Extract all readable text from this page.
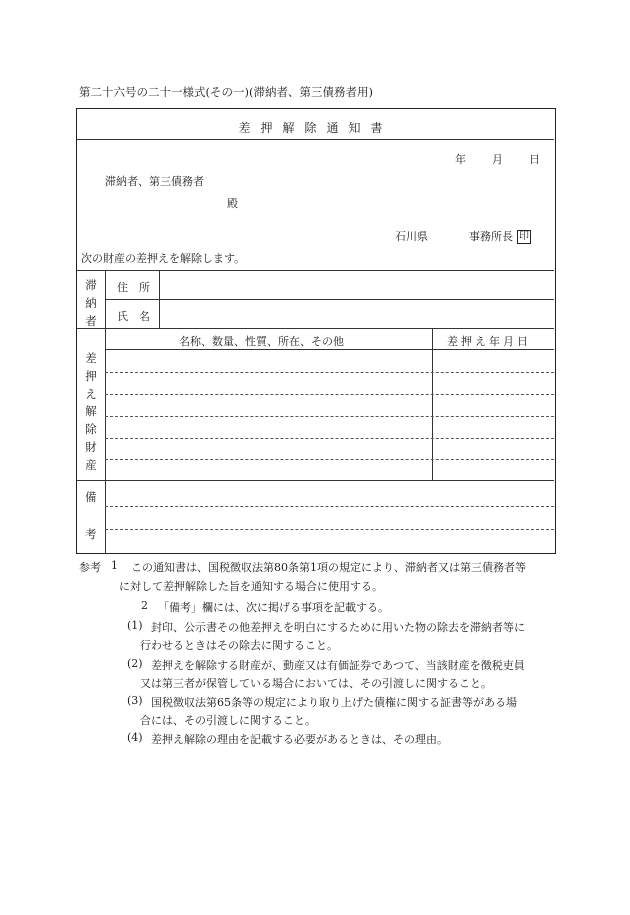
第二十六号の二十一様式(その一)(滞納者、第三債務者用)
差押解除通知書
年 月 日
滞納者、第三債務者
殿
石川県	事務所長 印
次の財産の差押えを解除します。
滞納者
住　所
氏　名
差押え解除財産
名称、数量、性質、所在、その他	差押え年月日
備
考
参考 1 この通知書は、国税徴収法第80条第1項の規定により、滞納者又は第三債務者等
に対して差押解除した旨を通知する場合に使用する。
2 「備考」欄には、次に掲げる事項を記載する。
(1) 封印、公示書その他差押えを明白にするために用いた物の除去を滞納者等に
行わせるときはその除去に関すること。
(2) 差押えを解除する財産が、動産又は有価証券であつて、当該財産を徴税吏員
又は第三者が保管している場合においては、その引渡しに関すること。
(3) 国税徴収法第65条等の規定により取り上げた債権に関する証書等がある場
合には、その引渡しに関すること。
(4) 差押え解除の理由を記載する必要があるときは、その理由。
